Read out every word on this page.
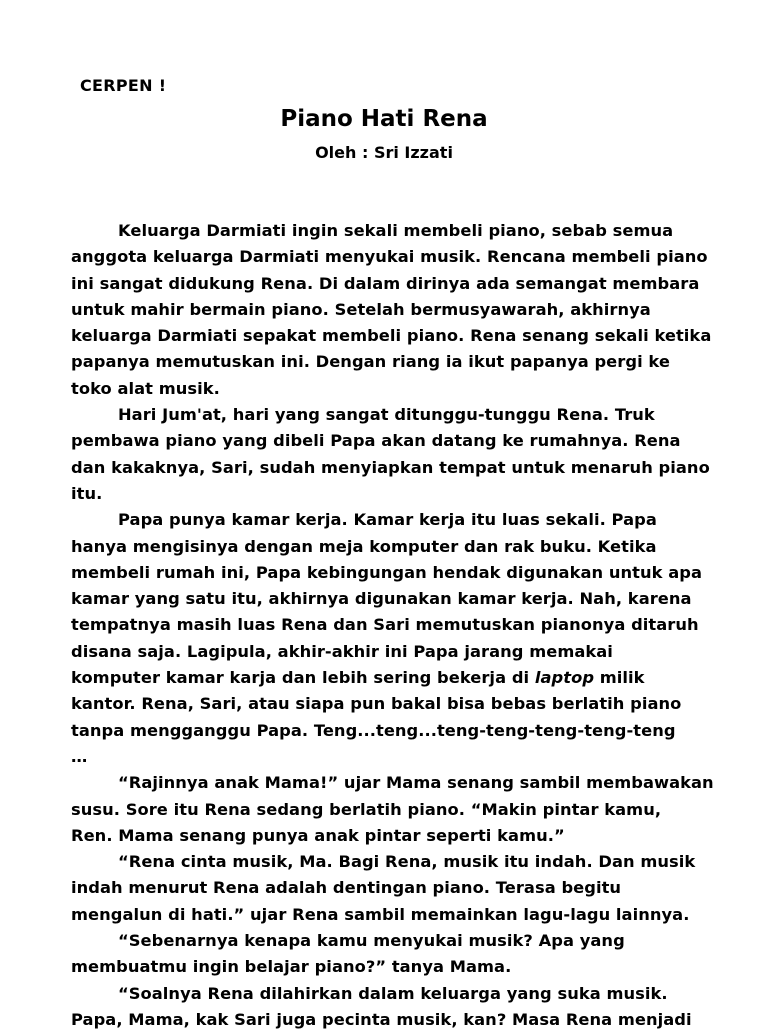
CERPEN !
Piano Hati Rena
Oleh : Sri Izzati
Keluarga Darmiati ingin sekali membeli piano, sebab semua
anggota keluarga Darmiati menyukai musik. Rencana membeli piano
ini sangat didukung Rena. Di dalam dirinya ada semangat membara
untuk mahir bermain piano. Setelah bermusyawarah, akhirnya
keluarga Darmiati sepakat membeli piano. Rena senang sekali ketika
papanya memutuskan ini. Dengan riang ia ikut papanya pergi ke
toko alat musik.
Hari Jum'at, hari yang sangat ditunggu-tunggu Rena. Truk
pembawa piano yang dibeli Papa akan datang ke rumahnya. Rena
dan kakaknya, Sari, sudah menyiapkan tempat untuk menaruh piano
itu.
Papa punya kamar kerja. Kamar kerja itu luas sekali. Papa
hanya mengisinya dengan meja komputer dan rak buku. Ketika
membeli rumah ini, Papa kebingungan hendak digunakan untuk apa
kamar yang satu itu, akhirnya digunakan kamar kerja. Nah, karena
tempatnya masih luas Rena dan Sari memutuskan pianonya ditaruh
disana saja. Lagipula, akhir-akhir ini Papa jarang memakai
komputer kamar karja dan lebih sering bekerja di laptop milik
kantor. Rena, Sari, atau siapa pun bakal bisa bebas berlatih piano
tanpa mengganggu Papa. Teng...teng...teng-teng-teng-teng-teng
…
“Rajinnya anak Mama!” ujar Mama senang sambil membawakan
susu. Sore itu Rena sedang berlatih piano. “Makin pintar kamu,
Ren. Mama senang punya anak pintar seperti kamu.”
“Rena cinta musik, Ma. Bagi Rena, musik itu indah. Dan musik
indah menurut Rena adalah dentingan piano. Terasa begitu
mengalun di hati.” ujar Rena sambil memainkan lagu-lagu lainnya.
“Sebenarnya kenapa kamu menyukai musik? Apa yang
membuatmu ingin belajar piano?” tanya Mama.
“Soalnya Rena dilahirkan dalam keluarga yang suka musik.
Papa, Mama, kak Sari juga pecinta musik, kan? Masa Rena menjadi
